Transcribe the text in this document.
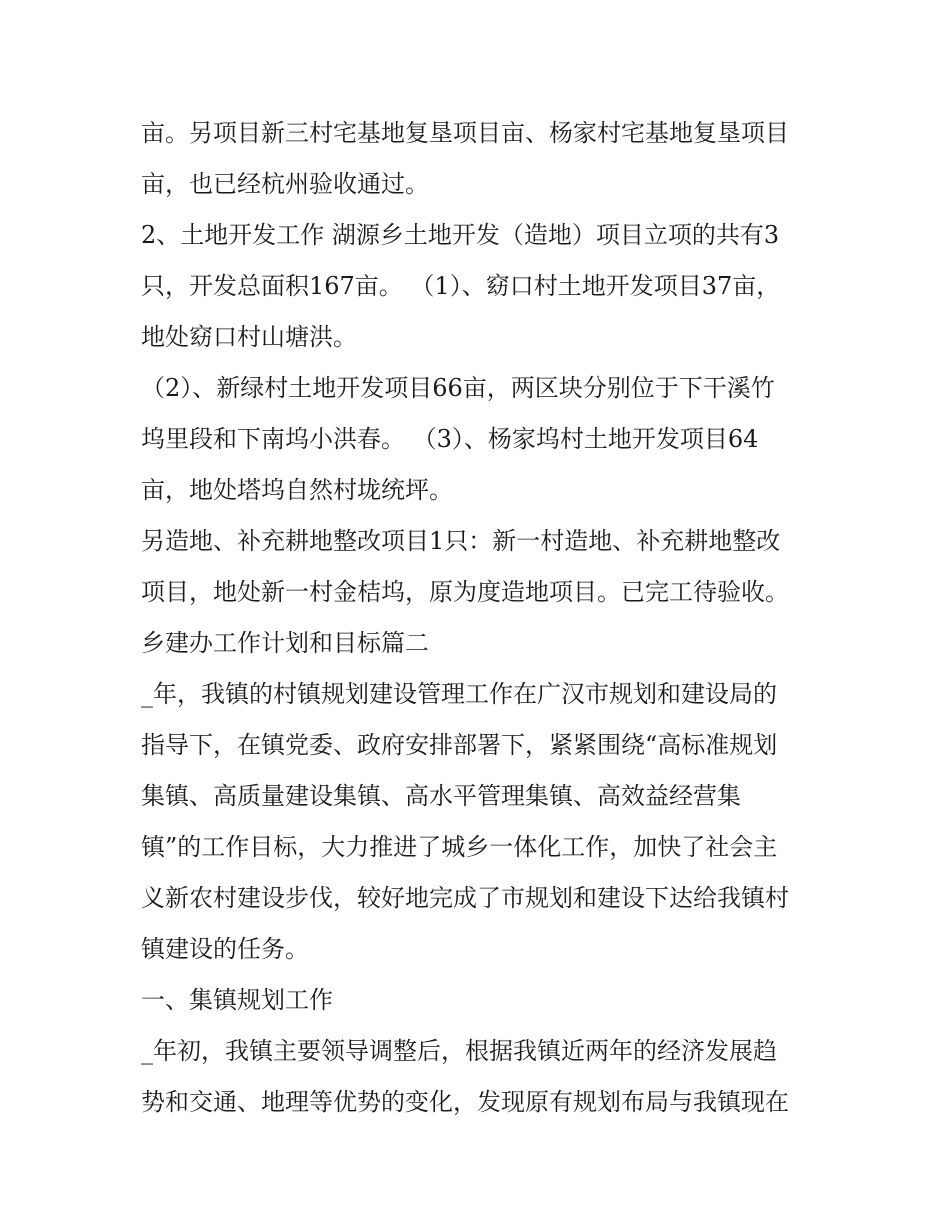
亩。另项目新三村宅基地复垦项目亩、杨家村宅基地复垦项目
亩，也已经杭州验收通过。
2、土地开发工作 湖源乡土地开发（造地）项目立项的共有3
只，开发总面积167亩。 （1）、窈口村土地开发项目37亩，
地处窈口村山塘洪。
（2）、新绿村土地开发项目66亩，两区块分别位于下干溪竹
坞里段和下南坞小洪春。 （3）、杨家坞村土地开发项目64
亩，地处塔坞自然村垅统坪。
另造地、补充耕地整改项目1只：新一村造地、补充耕地整改
项目，地处新一村金桔坞，原为度造地项目。已完工待验收。
乡建办工作计划和目标篇二
_年，我镇的村镇规划建设管理工作在广汉市规划和建设局的
指导下，在镇党委、政府安排部署下，紧紧围绕“高标准规划
集镇、高质量建设集镇、高水平管理集镇、高效益经营集
镇”的工作目标，大力推进了城乡一体化工作，加快了社会主
义新农村建设步伐，较好地完成了市规划和建设下达给我镇村
镇建设的任务。
一、集镇规划工作
_年初，我镇主要领导调整后，根据我镇近两年的经济发展趋
势和交通、地理等优势的变化，发现原有规划布局与我镇现在
